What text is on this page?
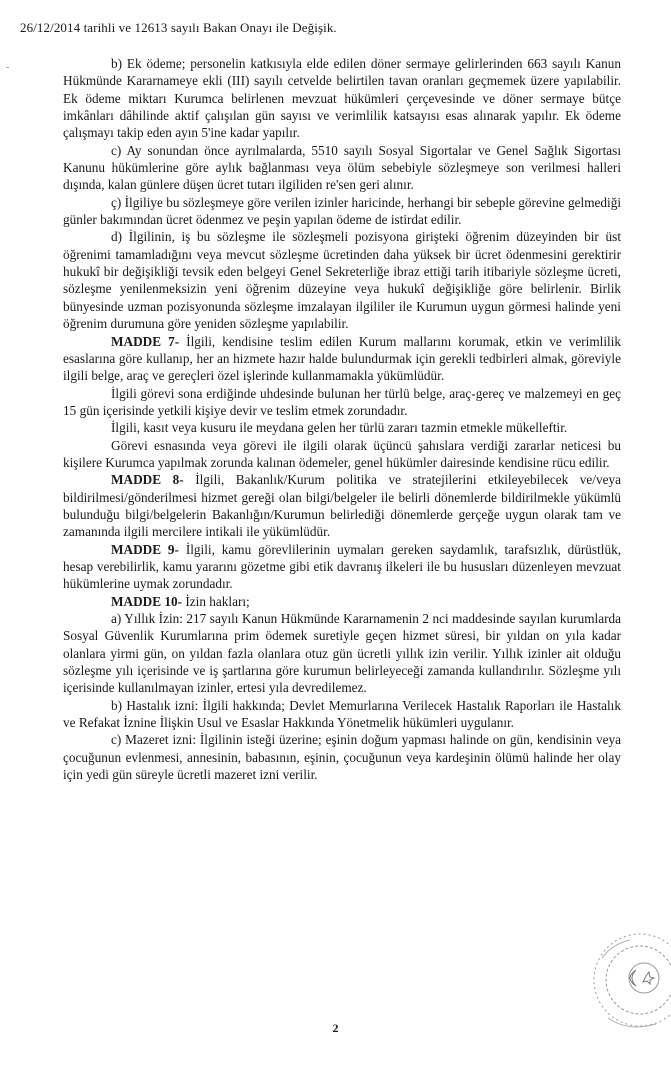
-
26/12/2014 tarihli ve 12613 sayılı Bakan Onayı ile Değişik.

b) Ek ödeme; personelin katkısıyla elde edilen döner sermaye gelirlerinden 663 sayılı Kanun Hükmünde Kararnameye ekli (III) sayılı cetvelde belirtilen tavan oranları geçmemek üzere yapılabilir. Ek ödeme miktarı Kurumca belirlenen mevzuat hükümleri çerçevesinde ve döner sermaye bütçe imkânları dâhilinde aktif çalışılan gün sayısı ve verimlilik katsayısı esas alınarak yapılır. Ek ödeme çalışmayı takip eden ayın 5'ine kadar yapılır.

c) Ay sonundan önce ayrılmalarda, 5510 sayılı Sosyal Sigortalar ve Genel Sağlık Sigortası Kanunu hükümlerine göre aylık bağlanması veya ölüm sebebiyle sözleşmeye son verilmesi halleri dışında, kalan günlere düşen ücret tutarı ilgiliden re'sen geri alınır.

ç) İlgiliye bu sözleşmeye göre verilen izinler haricinde, herhangi bir sebeple görevine gelmediği günler bakımından ücret ödenmez ve peşin yapılan ödeme de istirdat edilir.

d) İlgilinin, iş bu sözleşme ile sözleşmeli pozisyona girişteki öğrenim düzeyinden bir üst öğrenimi tamamladığını veya mevcut sözleşme ücretinden daha yüksek bir ücret ödenmesini gerektirir hukukî bir değişikliği tevsik eden belgeyi Genel Sekreterliğe ibraz ettiği tarih itibariyle sözleşme ücreti, sözleşme yenilenmeksizin yeni öğrenim düzeyine veya hukukî değişikliğe göre belirlenir. Birlik bünyesinde uzman pozisyonunda sözleşme imzalayan ilgililer ile Kurumun uygun görmesi halinde yeni öğrenim durumuna göre yeniden sözleşme yapılabilir.

MADDE 7- İlgili, kendisine teslim edilen Kurum mallarını korumak, etkin ve verimlilik esaslarına göre kullanıp, her an hizmete hazır halde bulundurmak için gerekli tedbirleri almak, göreviyle ilgili belge, araç ve gereçleri özel işlerinde kullanmamakla yükümlüdür.

İlgili görevi sona erdiğinde uhdesinde bulunan her türlü belge, araç-gereç ve malzemeyi en geç 15 gün içerisinde yetkili kişiye devir ve teslim etmek zorundadır.

İlgili, kasıt veya kusuru ile meydana gelen her türlü zararı tazmin etmekle mükelleftir.

Görevi esnasında veya görevi ile ilgili olarak üçüncü şahıslara verdiği zararlar neticesi bu kişilere Kurumca yapılmak zorunda kalınan ödemeler, genel hükümler dairesinde kendisine rücu edilir.

MADDE 8- İlgili, Bakanlık/Kurum politika ve stratejilerini etkileyebilecek ve/veya bildirilmesi/gönderilmesi hizmet gereği olan bilgi/belgeler ile belirli dönemlerde bildirilmekle yükümlü bulunduğu bilgi/belgelerin Bakanlığın/Kurumun belirlediği dönemlerde gerçeğe uygun olarak tam ve zamanında ilgili mercilere intikali ile yükümlüdür.

MADDE 9- İlgili, kamu görevlilerinin uymaları gereken saydamlık, tarafsızlık, dürüstlük, hesap verebilirlik, kamu yararını gözetme gibi etik davranış ilkeleri ile bu hususları düzenleyen mevzuat hükümlerine uymak zorundadır.

MADDE 10- İzin hakları;

a) Yıllık İzin: 217 sayılı Kanun Hükmünde Kararnamenin 2 nci maddesinde sayılan kurumlarda Sosyal Güvenlik Kurumlarına prim ödemek suretiyle geçen hizmet süresi, bir yıldan on yıla kadar olanlara yirmi gün, on yıldan fazla olanlara otuz gün ücretli yıllık izin verilir. Yıllık izinler ait olduğu sözleşme yılı içerisinde ve iş şartlarına göre kurumun belirleyeceği zamanda kullandırılır. Sözleşme yılı içerisinde kullanılmayan izinler, ertesi yıla devredilemez.

b) Hastalık izni: İlgili hakkında; Devlet Memurlarına Verilecek Hastalık Raporları ile Hastalık ve Refakat İznine İlişkin Usul ve Esaslar Hakkında Yönetmelik hükümleri uygulanır.

c) Mazeret izni: İlgilinin isteği üzerine; eşinin doğum yapması halinde on gün, kendisinin veya çocuğunun evlenmesi, annesinin, babasının, eşinin, çocuğunun veya kardeşinin ölümü halinde her olay için yedi gün süreyle ücretli mazeret izni verilir.

2
